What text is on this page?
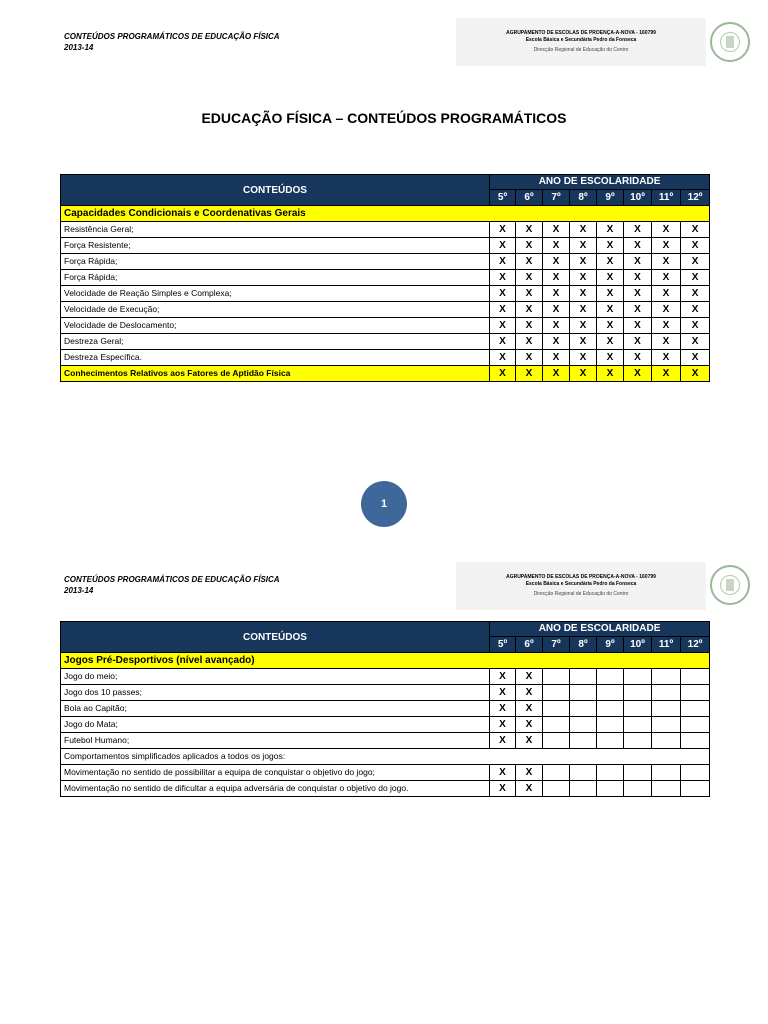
CONTEÚDOS PROGRAMÁTICOS DE EDUCAÇÃO FÍSICA
2013-14
AGRUPAMENTO DE ESCOLAS DE PROENÇA-A-NOVA - 160799
Escola Básica e Secundária Pedro da Fonseca
Direcção Regional de Educação do Centro
EDUCAÇÃO FÍSICA – CONTEÚDOS PROGRAMÁTICOS
CONTEÚDOS	ANO DE ESCOLARIDADE							
	5º	6º	7º	8º	9º	10º	11º	12º
Capacidades Condicionais e Coordenativas Gerais								
Resistência Geral;	X	X	X	X	X	X	X	X
Força Resistente;	X	X	X	X	X	X	X	X
Força Rápida;	X	X	X	X	X	X	X	X
Força Rápida;	X	X	X	X	X	X	X	X
Velocidade de Reação Simples e Complexa;	X	X	X	X	X	X	X	X
Velocidade de Execução;	X	X	X	X	X	X	X	X
Velocidade de Deslocamento;	X	X	X	X	X	X	X	X
Destreza Geral;	X	X	X	X	X	X	X	X
Destreza Específica.	X	X	X	X	X	X	X	X
Conhecimentos Relativos aos Fatores de Aptidão Física	X	X	X	X	X	X	X	X
1
CONTEÚDOS PROGRAMÁTICOS DE EDUCAÇÃO FÍSICA
2013-14
AGRUPAMENTO DE ESCOLAS DE PROENÇA-A-NOVA - 160799
Escola Básica e Secundária Pedro da Fonseca
Direcção Regional de Educação do Centro
CONTEÚDOS	ANO DE ESCOLARIDADE							
	5º	6º	7º	8º	9º	10º	11º	12º
Jogos Pré-Desportivos (nível avançado)								
Jogo do meio;	X	X						
Jogo dos 10 passes;	X	X						
Bola ao Capitão;	X	X						
Jogo do Mata;	X	X						
Futebol Humano;	X	X						
Comportamentos simplificados aplicados a todos os jogos:								
Movimentação no sentido de possibilitar a equipa de conquistar o objetivo do jogo;	X	X						
Movimentação no sentido de dificultar a equipa adversária de conquistar o objetivo do jogo.	X	X						
